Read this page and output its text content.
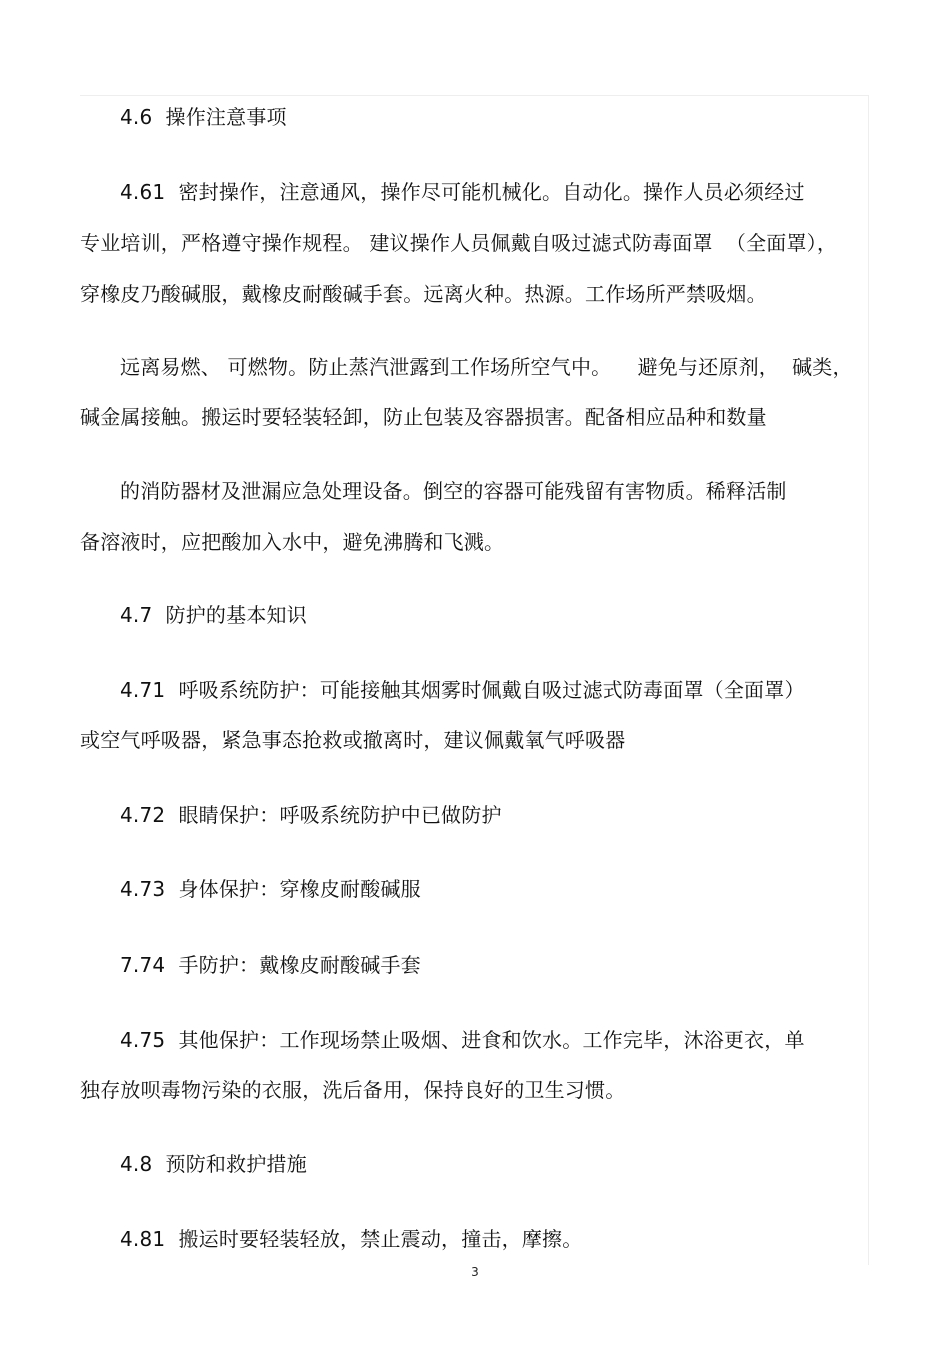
4.6  操作注意事项
4.61  密封操作，注意通风，操作尽可能机械化。自动化。操作人员必须经过
专业培训，严格遵守操作规程。 建议操作人员佩戴自吸过滤式防毒面罩  （全面罩），
穿橡皮乃酸碱服，戴橡皮耐酸碱手套。远离火种。热源。工作场所严禁吸烟。
远离易燃、 可燃物。防止蒸汽泄露到工作场所空气中。    避免与还原剂，  碱类，
碱金属接触。搬运时要轻装轻卸，防止包装及容器损害。配备相应品种和数量
的消防器材及泄漏应急处理设备。倒空的容器可能残留有害物质。稀释活制
备溶液时，应把酸加入水中，避免沸腾和飞溅。
4.7  防护的基本知识
4.71  呼吸系统防护：可能接触其烟雾时佩戴自吸过滤式防毒面罩（全面罩）
或空气呼吸器，紧急事态抢救或撤离时，建议佩戴氧气呼吸器
4.72  眼睛保护：呼吸系统防护中已做防护
4.73  身体保护：穿橡皮耐酸碱服
7.74  手防护：戴橡皮耐酸碱手套
4.75  其他保护：工作现场禁止吸烟、进食和饮水。工作完毕，沐浴更衣，单
独存放呗毒物污染的衣服，洗后备用，保持良好的卫生习惯。
4.8  预防和救护措施
4.81  搬运时要轻装轻放，禁止震动，撞击，摩擦。
3
